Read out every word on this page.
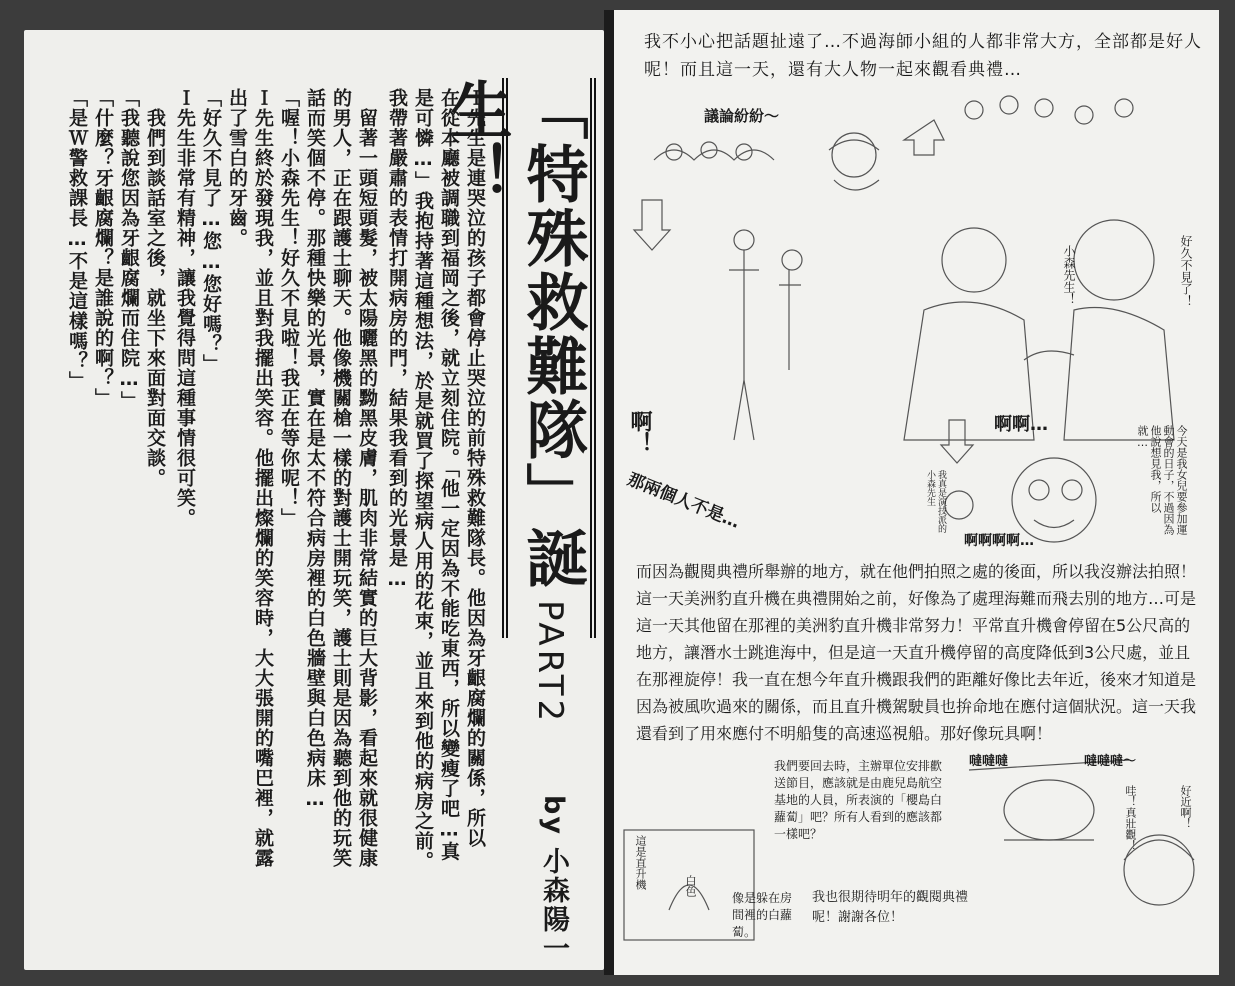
「特殊救難隊」誕生！
PART2
by 小森陽一
Ｉ先生是連哭泣的孩子都會停止哭泣的前特殊救難隊長。他因為牙齦腐爛的關係，所以
在從本廳被調職到福岡之後，就立刻住院。「他一定因為不能吃東西，所以變瘦了吧…真
是可憐…」我抱持著這種想法，於是就買了探望病人用的花束，並且來到他的病房之前。
我帶著嚴肅的表情打開病房的門，結果我看到的光景是…
留著一頭短頭髮，被太陽曬黑的黝黑皮膚，肌肉非常結實的巨大背影，看起來就很健康
的男人，正在跟護士聊天。他像機關槍一樣的對護士開玩笑，護士則是因為聽到他的玩笑
話而笑個不停。那種快樂的光景，實在是太不符合病房裡的白色牆壁與白色病床…
「喔！小森先生！好久不見啦！我正在等你呢！」
Ｉ先生終於發現我，並且對我擺出笑容。他擺出燦爛的笑容時，大大張開的嘴巴裡，就露
出了雪白的牙齒。
「好久不見了…您…您好嗎？」
Ｉ先生非常有精神，讓我覺得問這種事情很可笑。
我們到談話室之後，就坐下來面對面交談。
「我聽說您因為牙齦腐爛而住院…」
「什麼？牙齦腐爛？是誰說的啊？」
「是Ｗ警救課長…不是這樣嗎？」
我不小心把話題扯遠了…不過海師小組的人都非常大方，全部都是好人呢！而且這一天，還有大人物一起來觀看典禮…
議論紛紛～
好久不見了！
小森先生！
啊！	啊啊…
啊啊啊啊…
那兩個人不是…	今天是我女兒要參加運動會的日子，不過因為他說想見我，所以就…
我真是演技派的小森先生
而因為觀閱典禮所舉辦的地方，就在他們拍照之處的後面，所以我沒辦法拍照！這一天美洲豹直升機在典禮開始之前，好像為了處理海難而飛去別的地方…可是這一天其他留在那裡的美洲豹直升機非常努力！平常直升機會停留在5公尺高的地方，讓潛水士跳進海中，但是這一天直升機停留的高度降低到3公尺處，並且在那裡旋停！我一直在想今年直升機跟我們的距離好像比去年近，後來才知道是因為被風吹過來的關係，而且直升機駕駛員也拚命地在應付這個狀況。這一天我還看到了用來應付不明船隻的高速巡視船。那好像玩具啊！
我們要回去時，主辦單位安排歡送節目，應該就是由鹿兒島航空基地的人員，所表演的「櫻島白蘿蔔」吧？所有人看到的應該都一樣吧？
噠噠噠	噠噠噠～
哇！真壯觀！	好近啊！
這是直升機	白色
像是躲在房間裡的白蘿蔔。
我也很期待明年的觀閱典禮呢！謝謝各位！
